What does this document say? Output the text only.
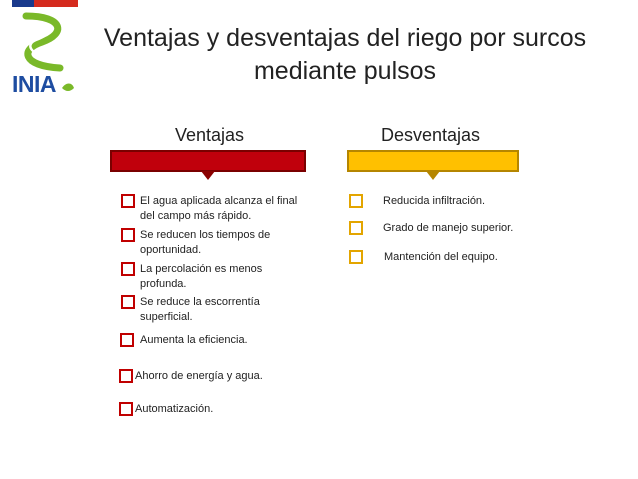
INIA
Ventajas y desventajas del riego por surcos mediante pulsos
Ventajas	Desventajas
El agua aplicada alcanza el final del campo más rápido.
Se reducen los tiempos de oportunidad.
La percolación es menos profunda.
Se reduce la escorrentía superficial.
Aumenta la eficiencia.
Ahorro de energía y agua.
Automatización.
Reducida infiltración.
Grado de manejo superior.
Mantención del equipo.
